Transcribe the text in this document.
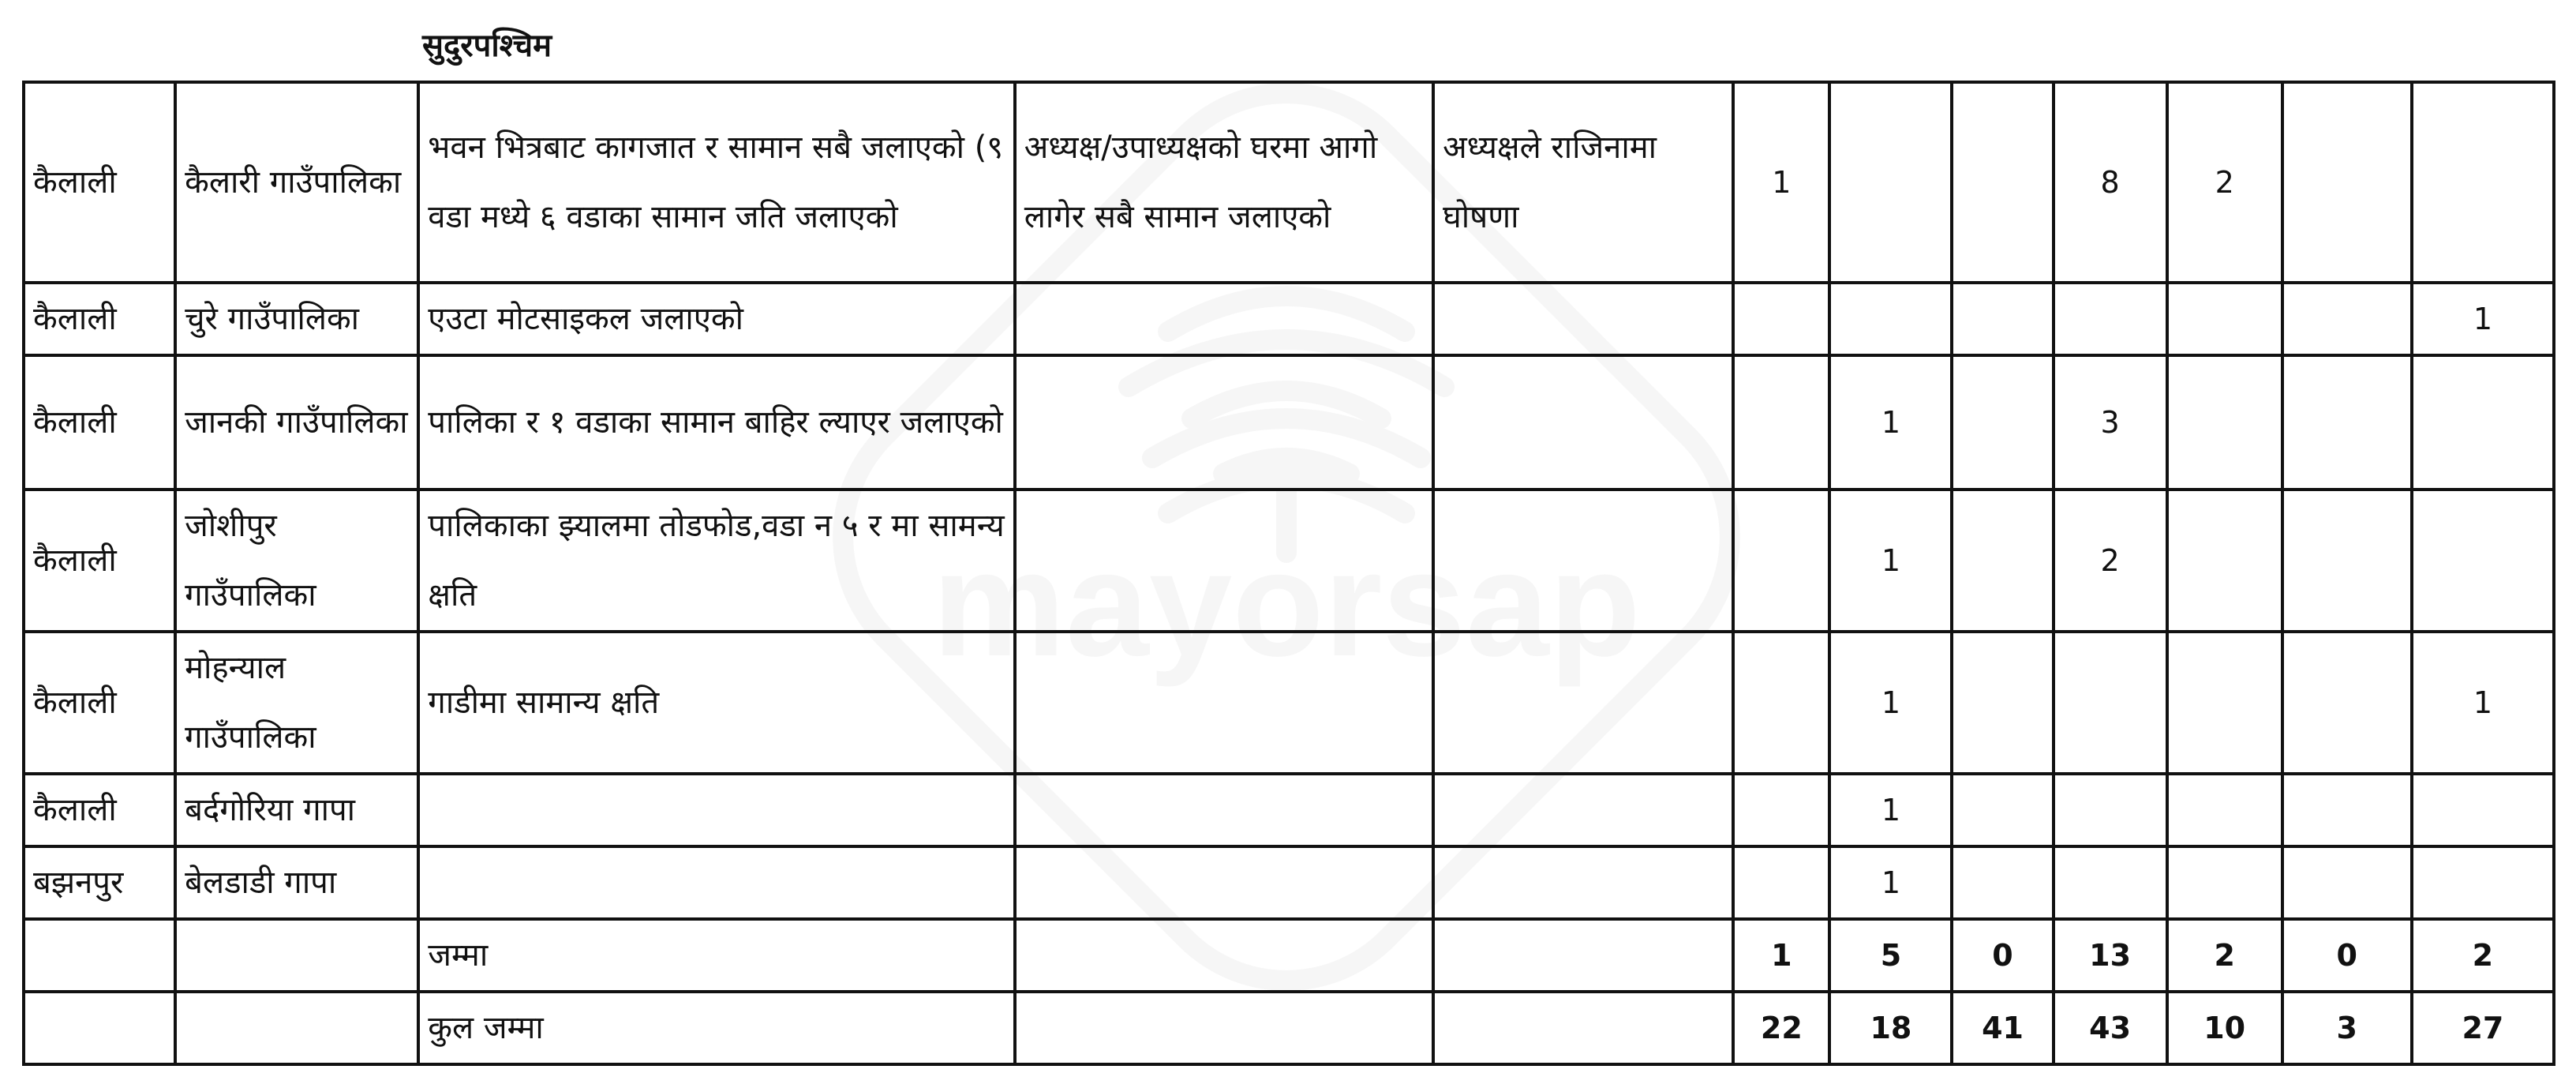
mayorsap
सुदुरपश्चिम
कैलाली	कैलारी गाउँपालिका	भवन भित्रबाट कागजात र सामान सबै जलाएको (९ वडा मध्ये ६ वडाका सामान जति जलाएको	अध्यक्ष/उपाध्यक्षको घरमा आगो लागेर सबै सामान जलाएको	अध्यक्षले राजिनामा घोषणा	1			8	2		
कैलाली	चुरे गाउँपालिका	एउटा मोटसाइकल जलाएको									1
कैलाली	जानकी गाउँपालिका	पालिका र १ वडाका सामान बाहिर ल्याएर जलाएको				1		3			
कैलाली	जोशीपुर गाउँपालिका	पालिकाका झ्यालमा तोडफोड,वडा न ५ र मा सामन्य क्षति				1		2			
कैलाली	मोहन्याल गाउँपालिका	गाडीमा सामान्य क्षति				1					1
कैलाली	बर्दगोरिया गापा					1					
बझनपुर	बेलडाडी गापा					1					
		जम्मा			1	5	0	13	2	0	2
		कुल जम्मा			22	18	41	43	10	3	27
